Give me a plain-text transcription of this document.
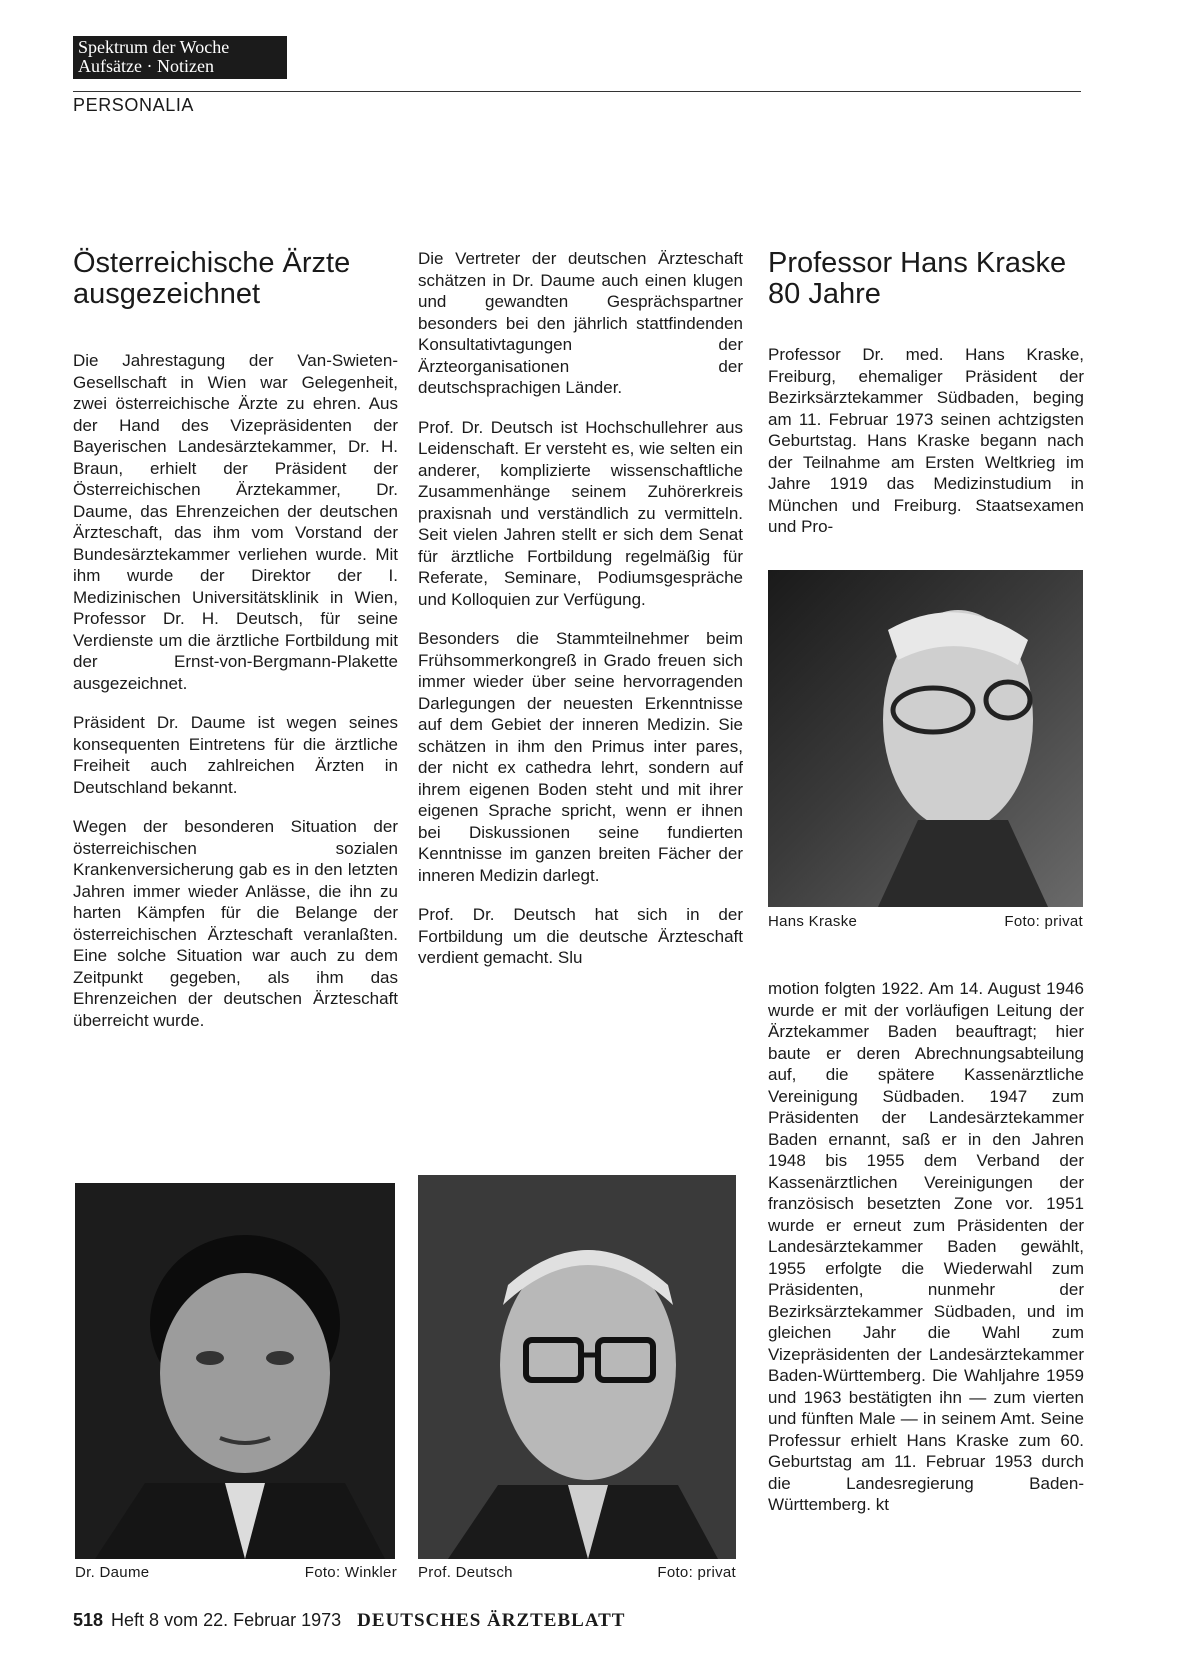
Spektrum der Woche
Aufsätze · Notizen
PERSONALIA
Österreichische Ärzte
ausgezeichnet

Die Jahrestagung der Van-Swieten-Gesellschaft in Wien war Gelegenheit, zwei österreichische Ärzte zu ehren. Aus der Hand des Vizepräsidenten der Bayerischen Landesärztekammer, Dr. H. Braun, erhielt der Präsident der Österreichischen Ärztekammer, Dr. Daume, das Ehrenzeichen der deutschen Ärzteschaft, das ihm vom Vorstand der Bundesärztekammer verliehen wurde. Mit ihm wurde der Direktor der I. Medizinischen Universitätsklinik in Wien, Professor Dr. H. Deutsch, für seine Verdienste um die ärztliche Fortbildung mit der Ernst-von-Bergmann-Plakette ausgezeichnet.

Präsident Dr. Daume ist wegen seines konsequenten Eintretens für die ärztliche Freiheit auch zahlreichen Ärzten in Deutschland bekannt.

Wegen der besonderen Situation der österreichischen sozialen Krankenversicherung gab es in den letzten Jahren immer wieder Anlässe, die ihn zu harten Kämpfen für die Belange der österreichischen Ärzteschaft veranlaßten. Eine solche Situation war auch zu dem Zeitpunkt gegeben, als ihm das Ehrenzeichen der deutschen Ärzteschaft überreicht wurde.

Die Vertreter der deutschen Ärzteschaft schätzen in Dr. Daume auch einen klugen und gewandten Gesprächspartner besonders bei den jährlich stattfindenden Konsultativtagungen der Ärzteorganisationen der deutschsprachigen Länder.

Prof. Dr. Deutsch ist Hochschullehrer aus Leidenschaft. Er versteht es, wie selten ein anderer, komplizierte wissenschaftliche Zusammenhänge seinem Zuhörerkreis praxisnah und verständlich zu vermitteln. Seit vielen Jahren stellt er sich dem Senat für ärztliche Fortbildung regelmäßig für Referate, Seminare, Podiumsgespräche und Kolloquien zur Verfügung.

Besonders die Stammteilnehmer beim Frühsommerkongreß in Grado freuen sich immer wieder über seine hervorragenden Darlegungen der neuesten Erkenntnisse auf dem Gebiet der inneren Medizin. Sie schätzen in ihm den Primus inter pares, der nicht ex cathedra lehrt, sondern auf ihrem eigenen Boden steht und mit ihrer eigenen Sprache spricht, wenn er ihnen bei Diskussionen seine fundierten Kenntnisse im ganzen breiten Fächer der inneren Medizin darlegt.

Prof. Dr. Deutsch hat sich in der Fortbildung um die deutsche Ärzteschaft verdient gemacht. Slu

Professor Hans Kraske
80 Jahre

Professor Dr. med. Hans Kraske, Freiburg, ehemaliger Präsident der Bezirksärztekammer Südbaden, beging am 11. Februar 1973 seinen achtzigsten Geburtstag. Hans Kraske begann nach der Teilnahme am Ersten Weltkrieg im Jahre 1919 das Medizinstudium in München und Freiburg. Staatsexamen und Pro-

Hans Kraske	Foto: privat

motion folgten 1922. Am 14. August 1946 wurde er mit der vorläufigen Leitung der Ärztekammer Baden beauftragt; hier baute er deren Abrechnungsabteilung auf, die spätere Kassenärztliche Vereinigung Südbaden. 1947 zum Präsidenten der Landesärztekammer Baden ernannt, saß er in den Jahren 1948 bis 1955 dem Verband der Kassenärztlichen Vereinigungen der französisch besetzten Zone vor. 1951 wurde er erneut zum Präsidenten der Landesärztekammer Baden gewählt, 1955 erfolgte die Wiederwahl zum Präsidenten, nunmehr der Bezirksärztekammer Südbaden, und im gleichen Jahr die Wahl zum Vizepräsidenten der Landesärztekammer Baden-Württemberg. Die Wahljahre 1959 und 1963 bestätigten ihn — zum vierten und fünften Male — in seinem Amt. Seine Professur erhielt Hans Kraske zum 60. Geburtstag am 11. Februar 1953 durch die Landesregierung Baden-Württemberg. kt

Dr. Daume	Foto: Winkler Prof. Deutsch	Foto: privat
518 Heft 8 vom 22. Februar 1973 DEUTSCHES ÄRZTEBLATT
